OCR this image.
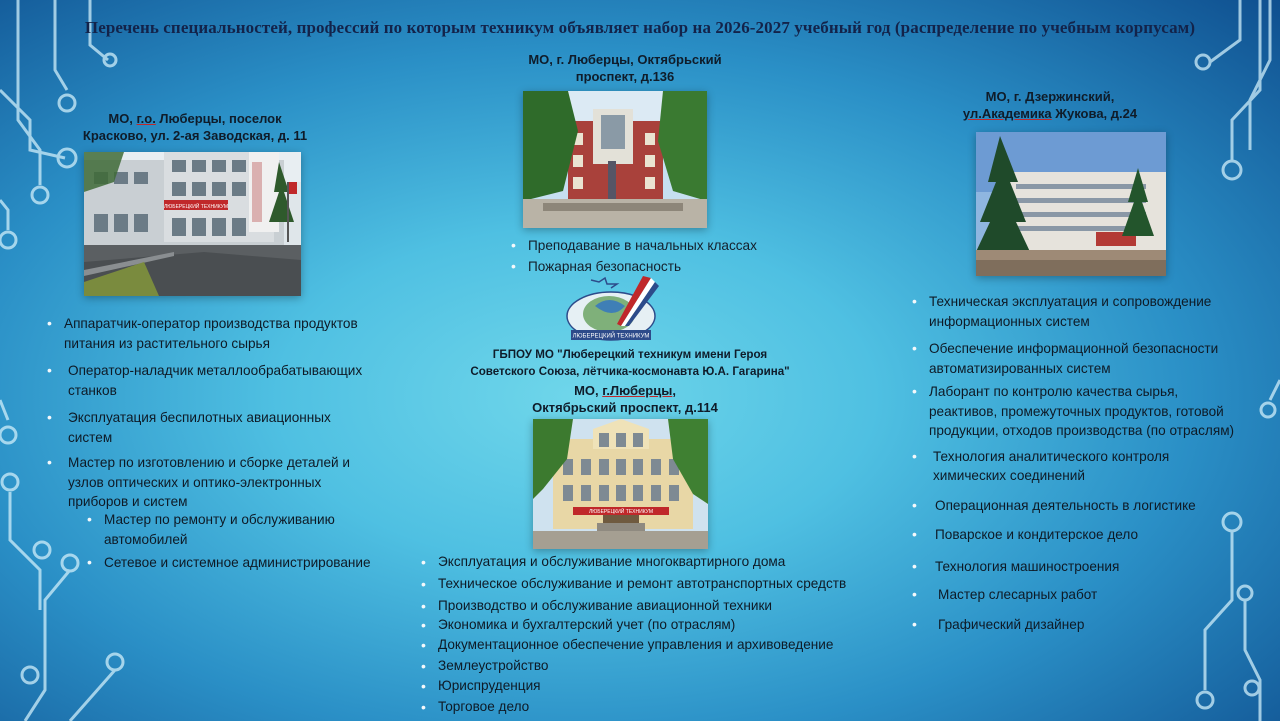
Перечень специальностей, профессий по которым техникум объявляет набор на 2026-2027 учебный год (распределение по учебным корпусам)
МО, г.о. Люберцы, поселок
Красково, ул. 2-ая Заводская, д. 11
ЛЮБЕРЕЦКИЙ ТЕХНИКУМ
• Аппаратчик-оператор производства продуктов питания из растительного сырья
• Оператор-наладчик металлообрабатывающих станков
• Эксплуатация беспилотных авиационных систем
• Мастер по изготовлению и сборке деталей и узлов оптических и оптико-электронных приборов и систем
• Мастер по ремонту и обслуживанию автомобилей
• Сетевое и системное администрирование
МО, г. Люберцы, Октябрьский
проспект, д.136
• Преподавание в начальных классах
• Пожарная безопасность
ЛЮБЕРЕЦКИЙ ТЕХНИКУМ
ГБПОУ МО "Люберецкий техникум имени Героя
Советского Союза, лётчика-космонавта Ю.А. Гагарина"
МО, г.Люберцы,
Октябрьский проспект, д.114
ЛЮБЕРЕЦКИЙ ТЕХНИКУМ
• Эксплуатация и обслуживание многоквартирного дома
• Техническое обслуживание и ремонт автотранспортных средств
• Производство и обслуживание авиационной техники
• Экономика и бухгалтерский учет (по отраслям)
• Документационное обеспечение управления и архивоведение
• Землеустройство
• Юриспруденция
• Торговое дело
МО, г. Дзержинский,
ул.Академика Жукова, д.24
• Техническая эксплуатация и сопровождение информационных систем
• Обеспечение информационной безопасности автоматизированных систем
• Лаборант по контролю качества сырья, реактивов, промежуточных продуктов, готовой продукции, отходов производства (по отраслям)
• Технология аналитического контроля химических соединений
• Операционная деятельность в логистике
• Поварское и кондитерское дело
• Технология машиностроения
• Мастер слесарных работ
• Графический дизайнер
